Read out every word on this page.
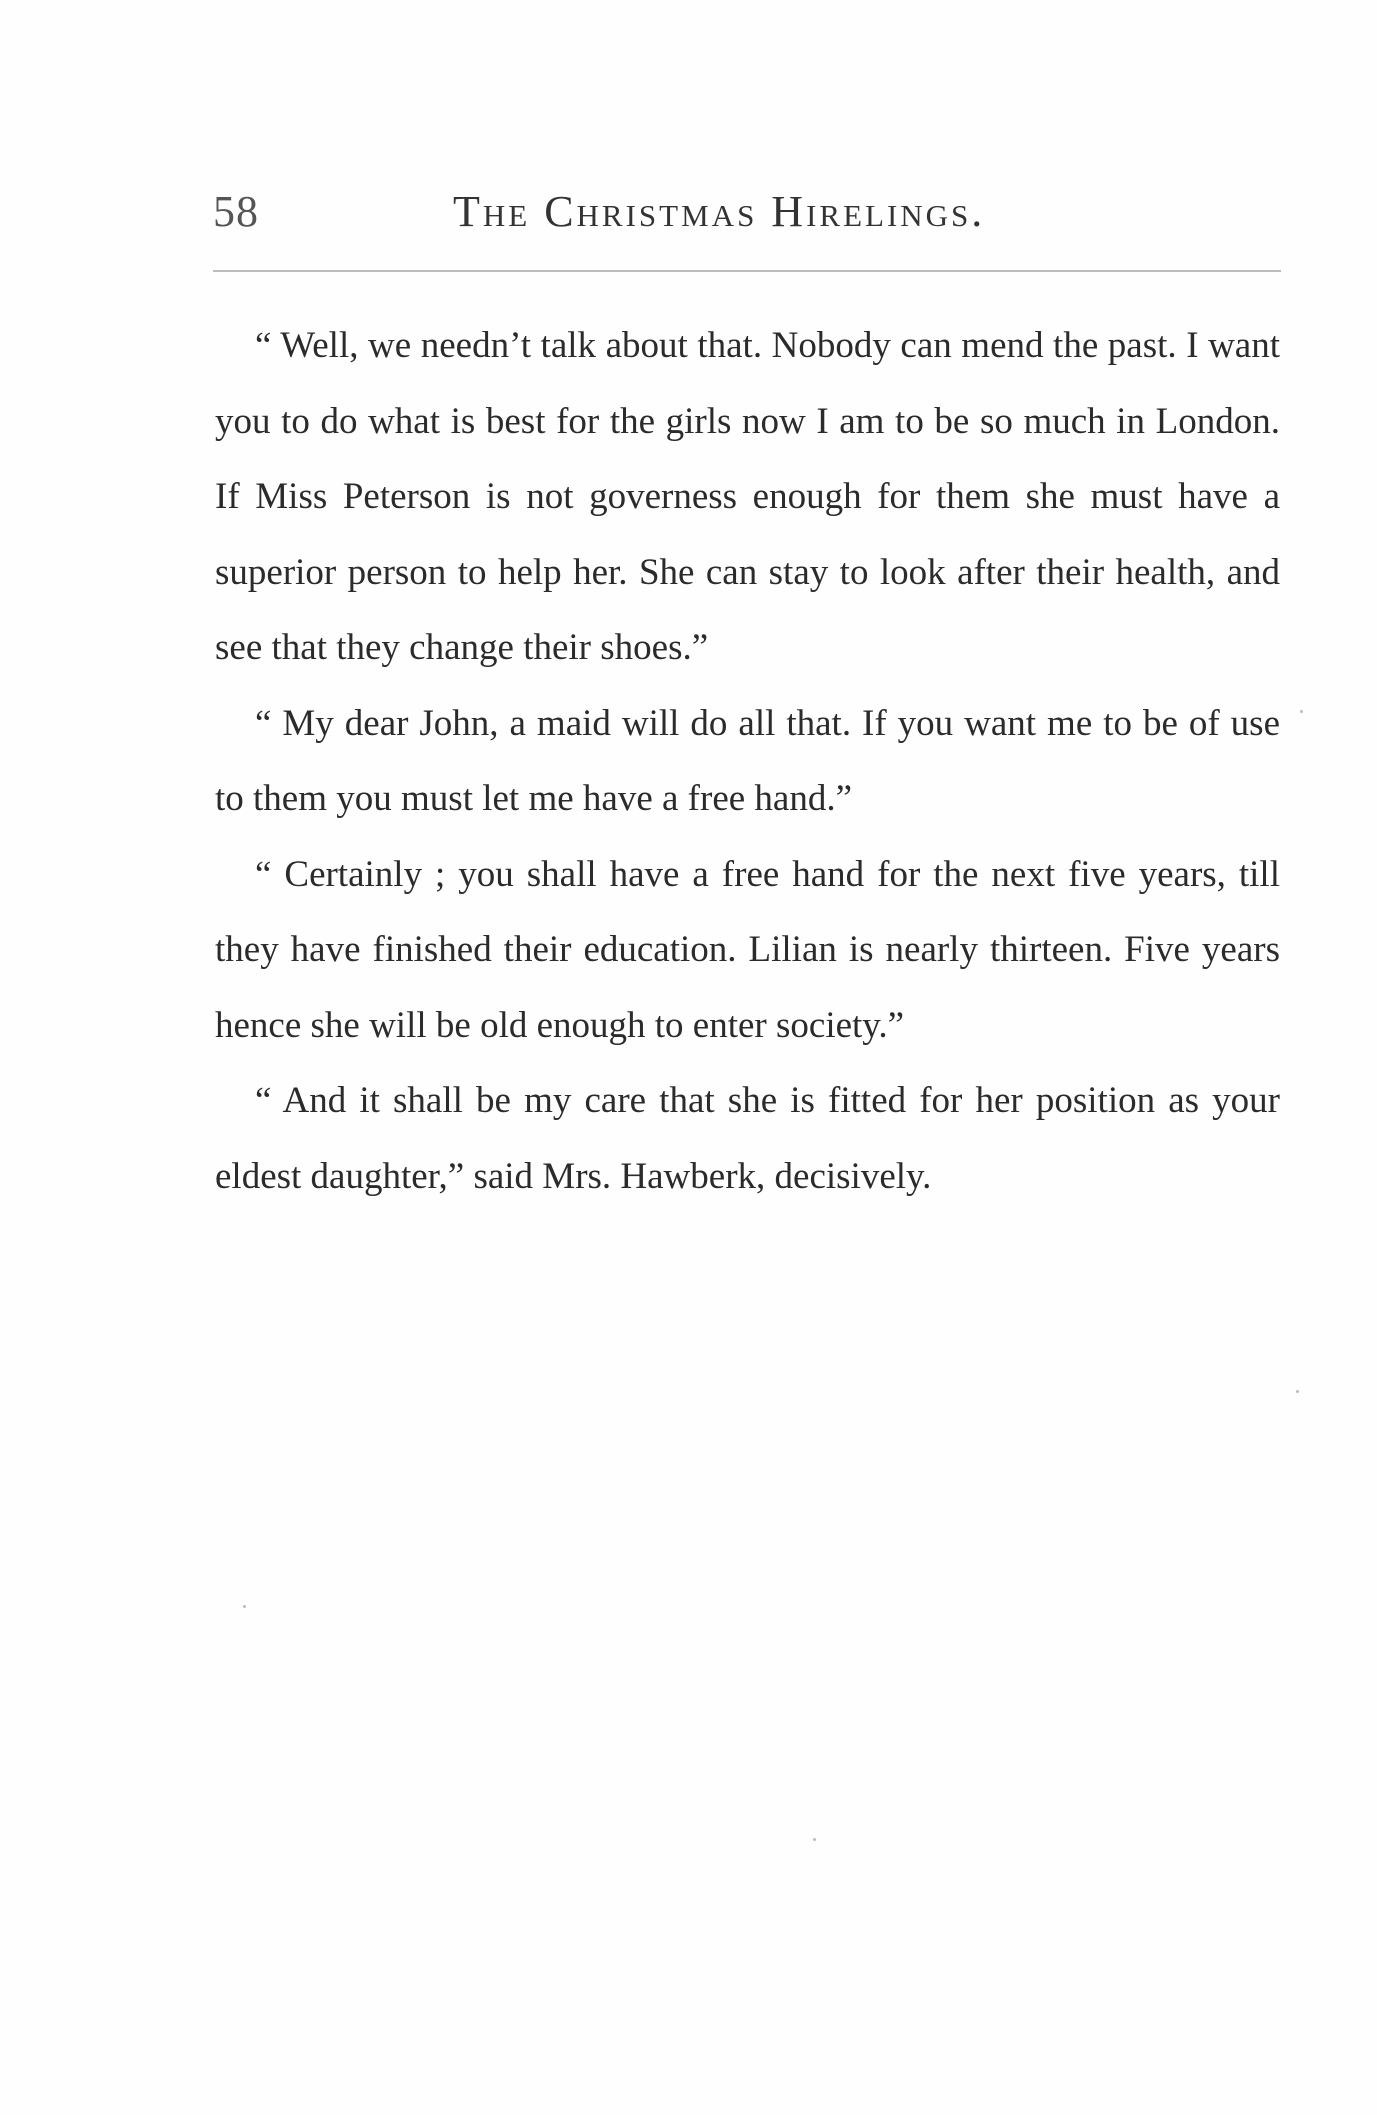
58	The Christmas Hirelings.

“ Well, we needn’t talk about that. Nobody can mend the past. I want you to do what is best for the girls now I am to be so much in London. If Miss Peterson is not governess enough for them she must have a superior person to help her. She can stay to look after their health, and see that they change their shoes.”

“ My dear John, a maid will do all that. If you want me to be of use to them you must let me have a free hand.”

“ Certainly ; you shall have a free hand for the next five years, till they have finished their education. Lilian is nearly thirteen. Five years hence she will be old enough to enter society.”

“ And it shall be my care that she is fitted for her position as your eldest daughter,” said Mrs. Hawberk, decisively.
